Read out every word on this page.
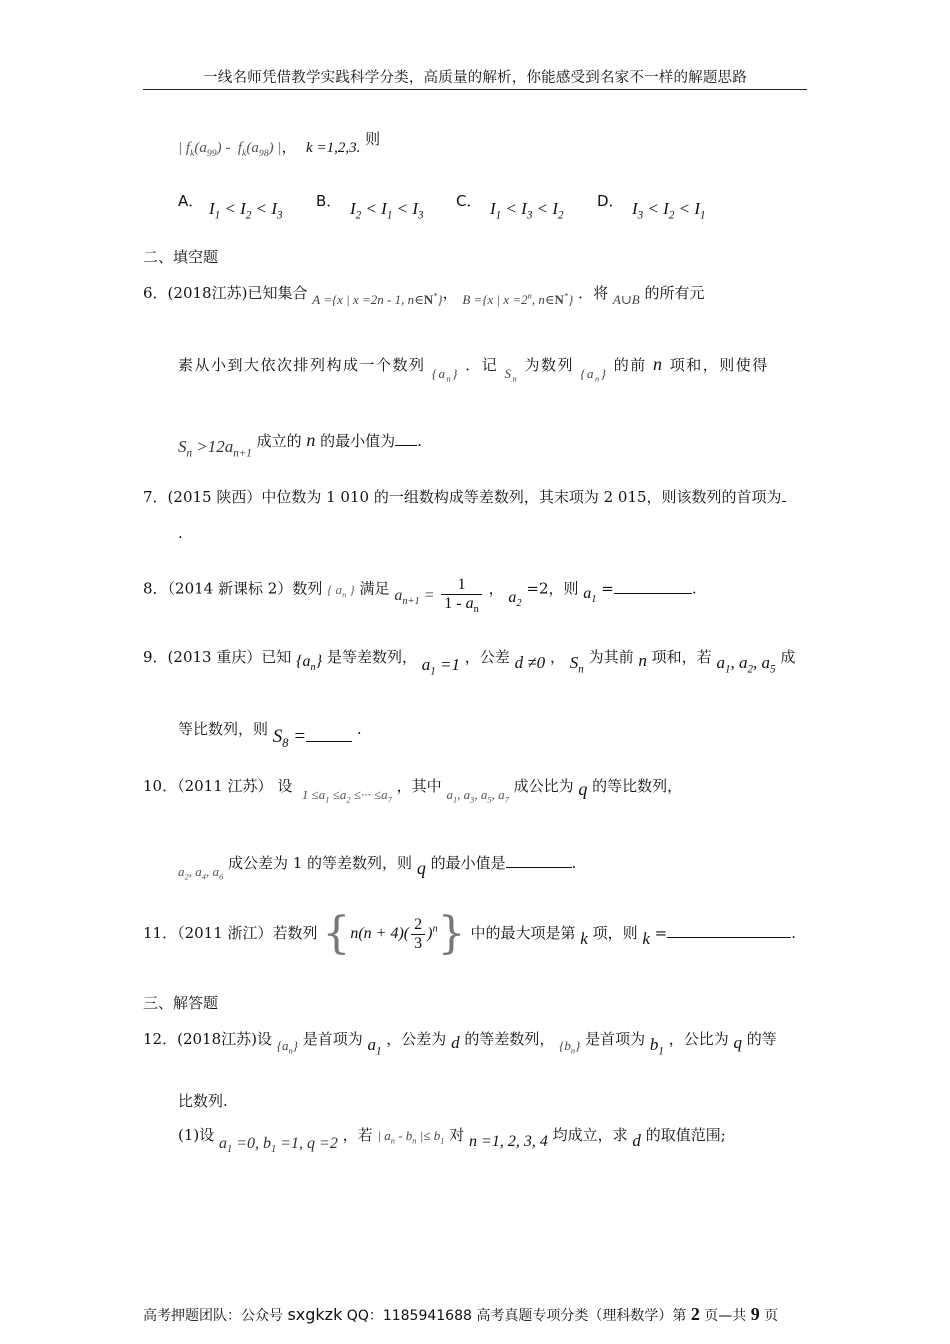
一线名师凭借教学实践科学分类，高质量的解析，你能感受到名家不一样的解题思路
| $f_k(a_{99}) - f_k(a_{98})$ |，  k =1,2,3. 则
A． $I_1 < I_2 < I_3$
B． $I_2 < I_1 < I_3$
C． $I_1 < I_3 < I_2$
D． $I_3 < I_2 < I_1$
二、填空题
6．(2018江苏)已知集合 A ={x | x =2n - 1, n∈N*}， B ={x | $x =2^n$, n∈N*} ．将 A∪B 的所有元
素从小到大依次排列构成一个数列 $\{a_n\}$ ．记 $S_n$ 为数列 $\{a_n\}$ 的前 n 项和，则使得
$S_n >12a_{n+1}$ 成立的 n 的最小值为 .
7．(2015 陕西）中位数为 1 010 的一组数构成等差数列，其末项为 2 015，则该数列的首项为
.
8．（2014 新课标 2）数列 { $a_n$ } 满足 $a_{n+1} = \frac{1}{1 - a_n}$ ， $a_2 =2$，则 $a_1$ =	.
9．(2013 重庆）已知 $\{a_n\}$ 是等差数列， $a_1 =1$ ，公差 d ≠0 ， $S_n$ 为其前 n 项和，若 $a_1$, $a_2$, $a_5$ 成
等比数列，则 $S_8$ =	.
10．（2011 江苏） 设 $1 \le a_1 \le a_2$ ≤··· $\le a_7$ ，其中 $a_1$, $a_3$, $a_5$, $a_7$ 成公比为 q 的等比数列，
$a_2$, $a_4$, $a_6$ 成公差为 1 的等差数列，则 q 的最小值是	.
11．（2011 浙江）若数列 $\{n(n + 4)( \frac{2}{3} )^n\}$ 中的最大项是第 k 项，则 k =	.
三、解答题
12．(2018江苏)设 $\{a_n\}$ 是首项为 $a_1$ ，公差为 d 的等差数列， $\{b_n\}$ 是首项为 $b_1$ ，公比为 q 的等
比数列.
(1)设 $a_1 =0$, $b_1 =1$, q =2 ，若 | $a_n - b_n$ |≤ $b_1$ 对 n =1, 2, 3, 4 均成立，求 d 的取值范围;
高考押题团队：公众号 sxgkzk QQ：1185941688 高考真题专项分类（理科数学）第 2 页—共 9 页
